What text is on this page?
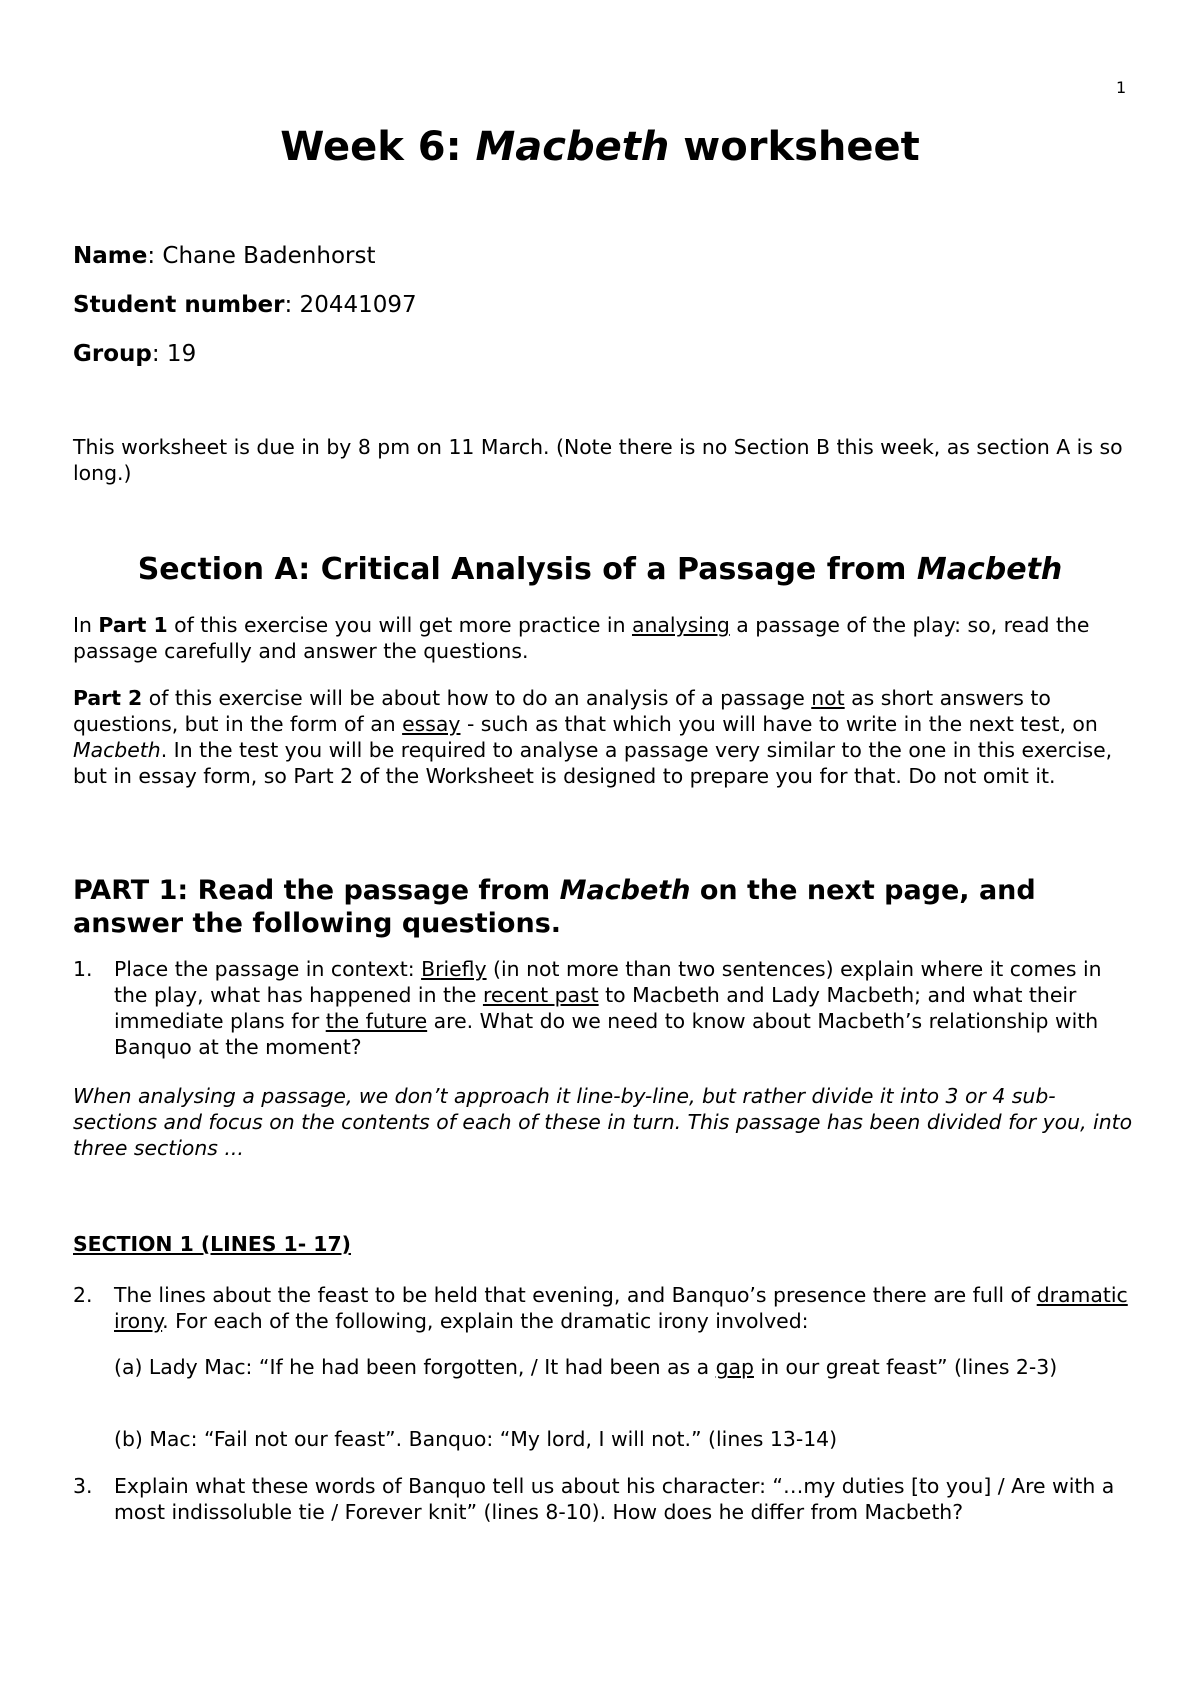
1
Week 6: Macbeth worksheet

Name: Chane Badenhorst

Student number: 20441097

Group: 19

This worksheet is due in by 8 pm on 11 March. (Note there is no Section B this week, as section A is so long.)

Section A: Critical Analysis of a Passage from Macbeth

In Part 1 of this exercise you will get more practice in analysing a passage of the play: so, read the passage carefully and answer the questions.

Part 2 of this exercise will be about how to do an analysis of a passage not as short answers to questions, but in the form of an essay - such as that which you will have to write in the next test, on Macbeth. In the test you will be required to analyse a passage very similar to the one in this exercise, but in essay form, so Part 2 of the Worksheet is designed to prepare you for that. Do not omit it.

PART 1: Read the passage from Macbeth on the next page, and answer the following questions.
1. Place the passage in context: Briefly (in not more than two sentences) explain where it comes in the play, what has happened in the recent past to Macbeth and Lady Macbeth; and what their immediate plans for the future are. What do we need to know about Macbeth’s relationship with Banquo at the moment?

When analysing a passage, we don’t approach it line-by-line, but rather divide it into 3 or 4 sub-sections and focus on the contents of each of these in turn. This passage has been divided for you, into three sections ...

SECTION 1 (LINES 1- 17)

2. The lines about the feast to be held that evening, and Banquo’s presence there are full of dramatic irony. For each of the following, explain the dramatic irony involved:

(a) Lady Mac: “If he had been forgotten, / It had been as a gap in our great feast” (lines 2-3)

(b) Mac: “Fail not our feast”. Banquo: “My lord, I will not.” (lines 13-14)

3. Explain what these words of Banquo tell us about his character: “…my duties [to you] / Are with a most indissoluble tie / Forever knit” (lines 8-10). How does he differ from Macbeth?
